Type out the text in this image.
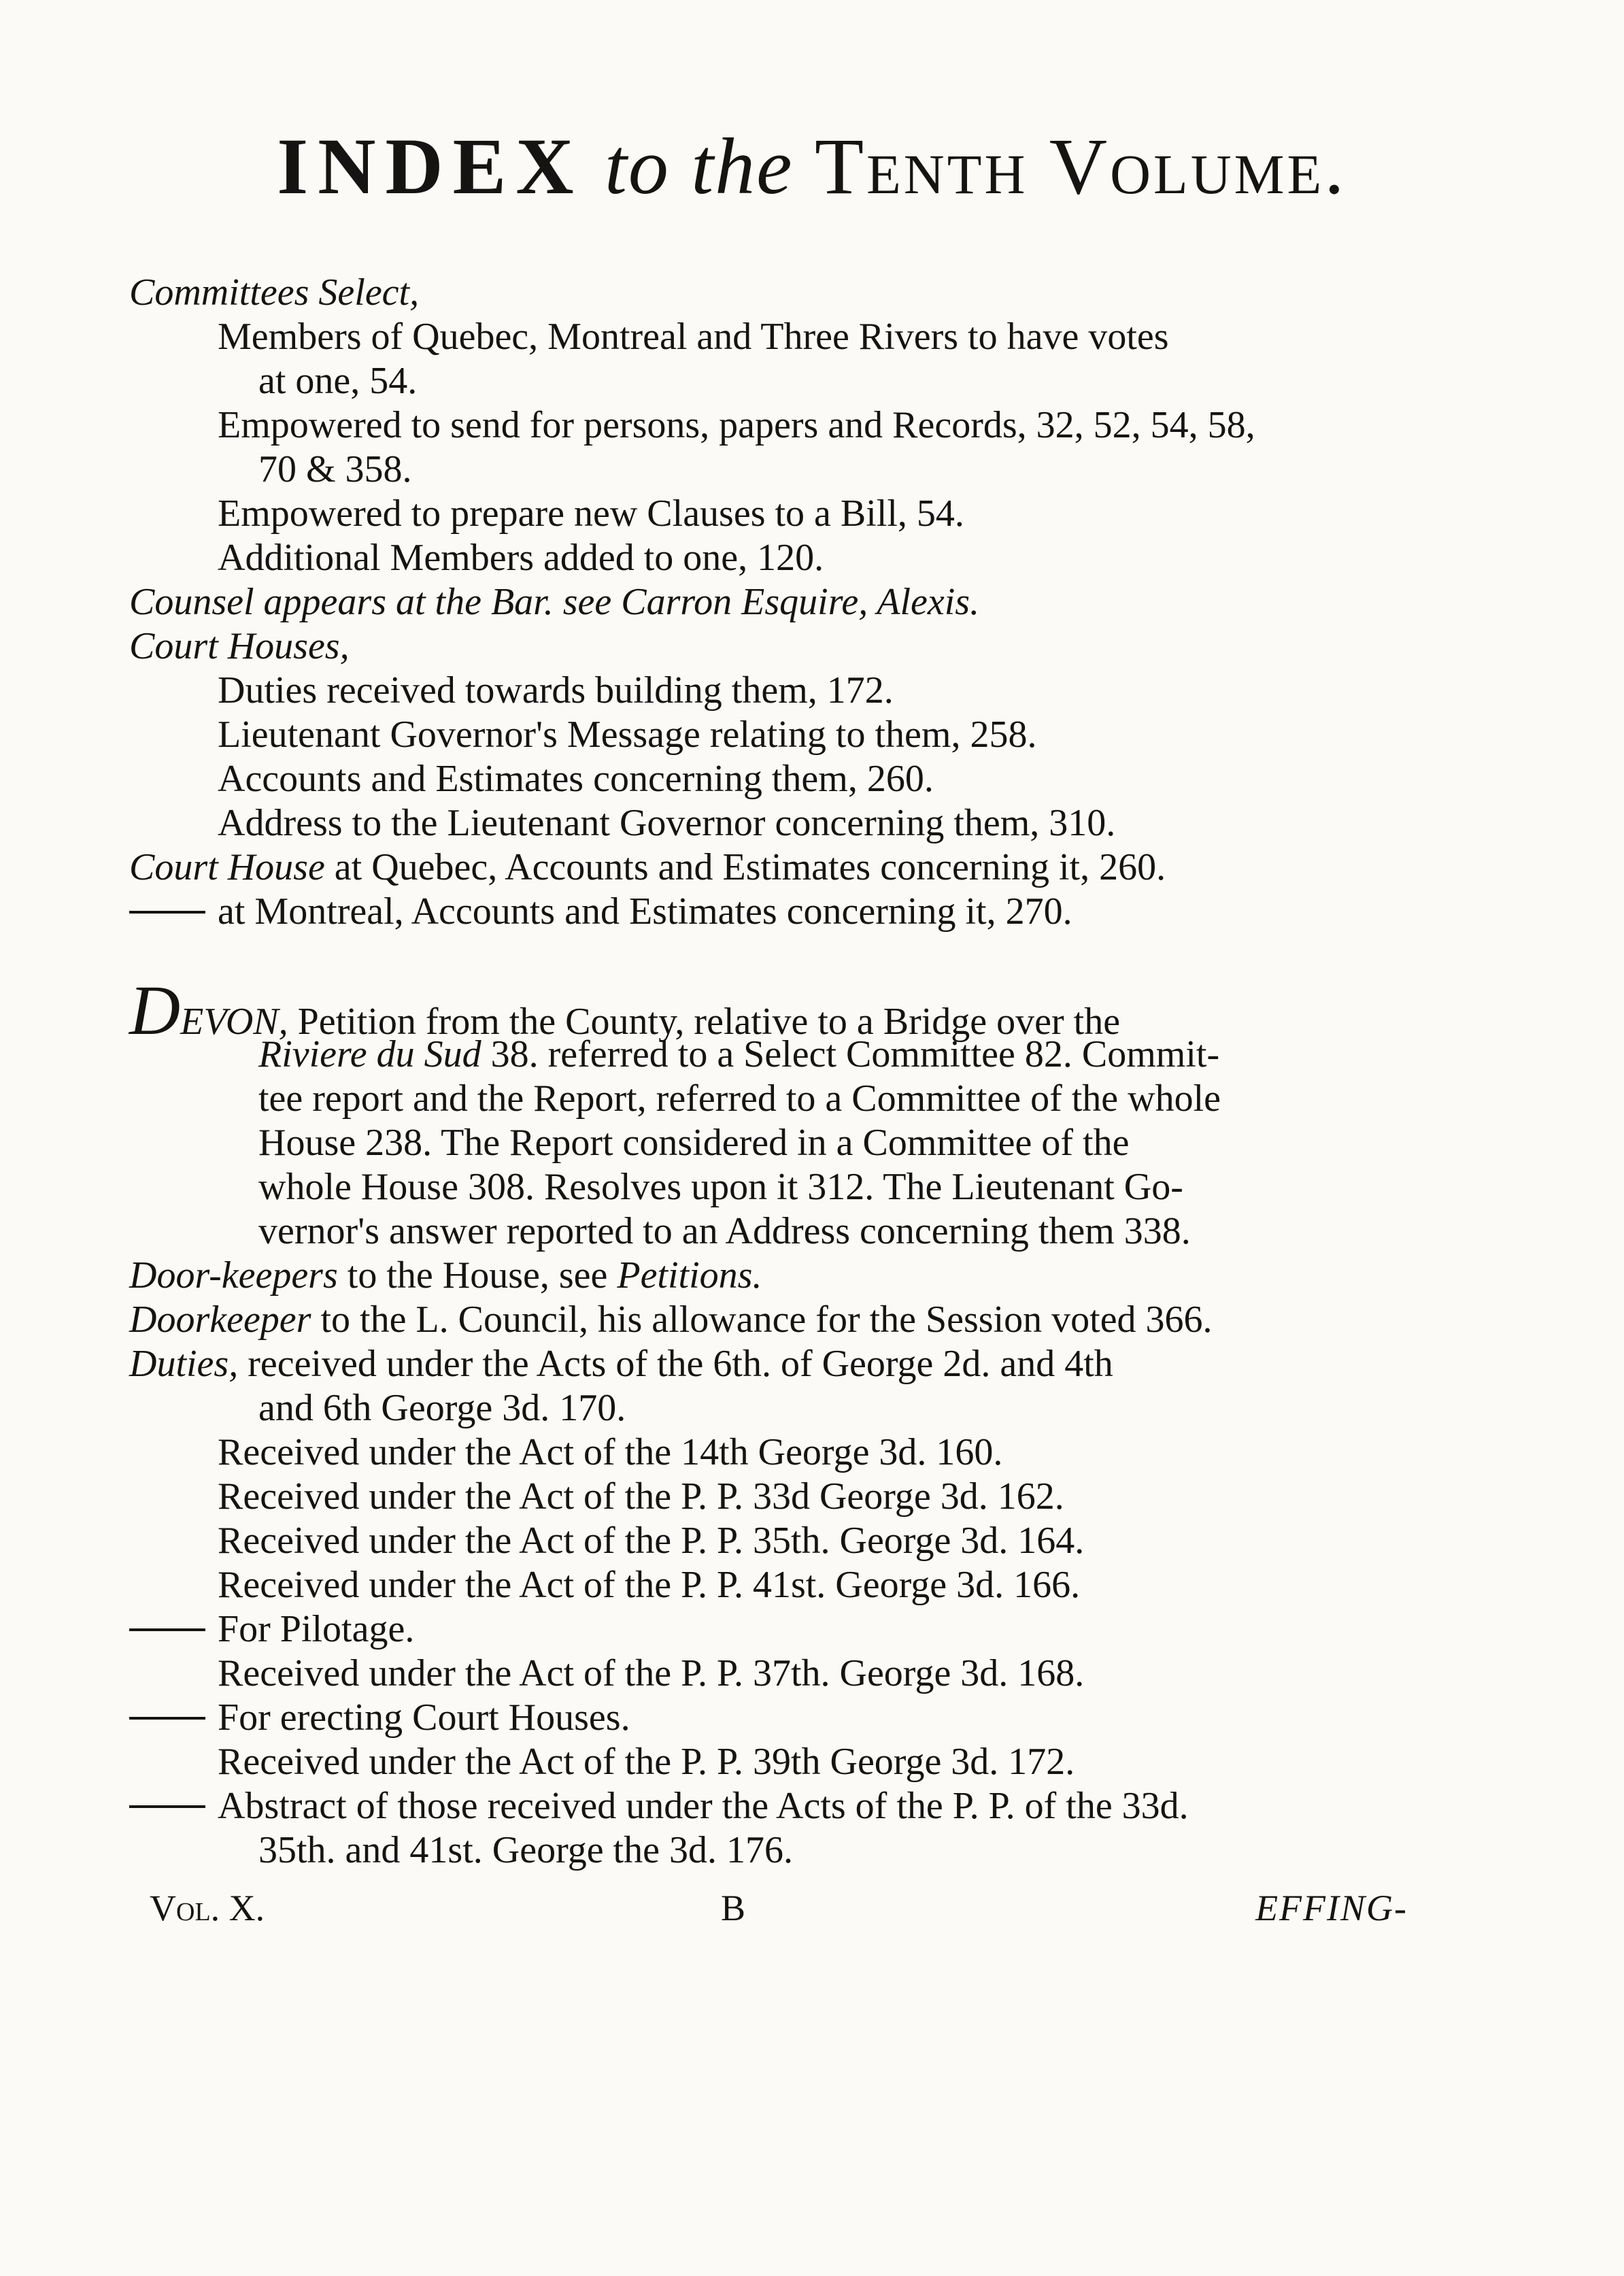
INDEX to the Tenth Volume.
Committees Select,
Members of Quebec, Montreal and Three Rivers to have votes
at one, 54.
Empowered to send for persons, papers and Records, 32, 52, 54, 58,
70 & 358.
Empowered to prepare new Clauses to a Bill, 54.
Additional Members added to one, 120.
Counsel appears at the Bar. see Carron Esquire, Alexis.
Court Houses,
Duties received towards building them, 172.
Lieutenant Governor's Message relating to them, 258.
Accounts and Estimates concerning them, 260.
Address to the Lieutenant Governor concerning them, 310.
Court House at Quebec, Accounts and Estimates concerning it, 260.
at Montreal, Accounts and Estimates concerning it, 270.
DEVON, Petition from the County, relative to a Bridge over the
Riviere du Sud 38. referred to a Select Committee 82. Commit-
tee report and the Report, referred to a Committee of the whole
House 238. The Report considered in a Committee of the
whole House 308. Resolves upon it 312. The Lieutenant Go-
vernor's answer reported to an Address concerning them 338.
Door-keepers to the House, see Petitions.
Doorkeeper to the L. Council, his allowance for the Session voted 366.
Duties, received under the Acts of the 6th. of George 2d. and 4th
and 6th George 3d. 170.
Received under the Act of the 14th George 3d. 160.
Received under the Act of the P. P. 33d George 3d. 162.
Received under the Act of the P. P. 35th. George 3d. 164.
Received under the Act of the P. P. 41st. George 3d. 166.
For Pilotage.
Received under the Act of the P. P. 37th. George 3d. 168.
For erecting Court Houses.
Received under the Act of the P. P. 39th George 3d. 172.
Abstract of those received under the Acts of the P. P. of the 33d.
35th. and 41st. George the 3d. 176.
Vol. X.	B	EFFING-
